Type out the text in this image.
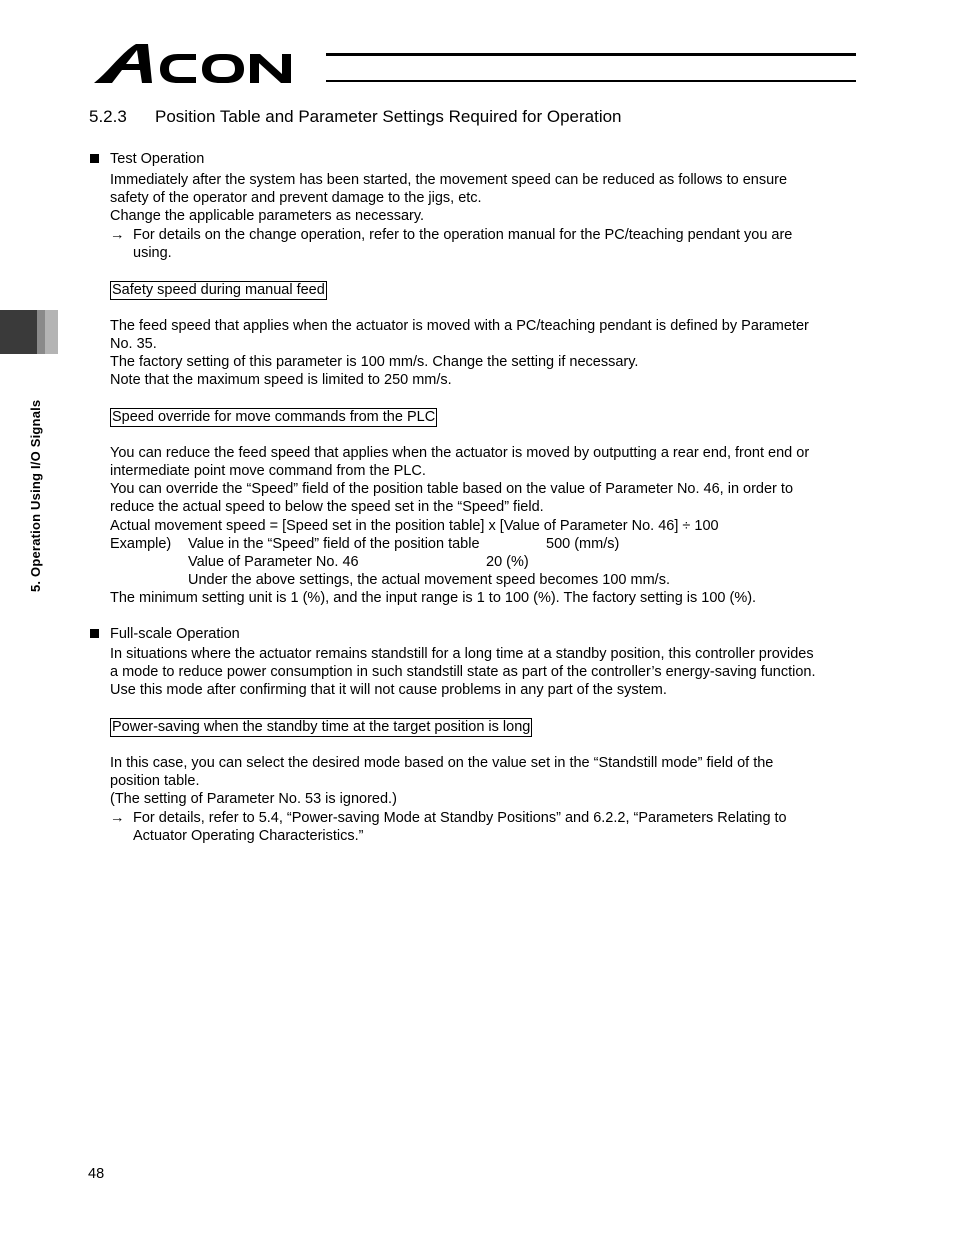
ACON
5.2.3	Position Table and Parameter Settings Required for Operation
5. Operation Using I/O Signals
Test Operation
Immediately after the system has been started, the movement speed can be reduced as follows to ensure
safety of the operator and prevent damage to the jigs, etc.
Change the applicable parameters as necessary.
→ For details on the change operation, refer to the operation manual for the PC/teaching pendant you are
using.
Safety speed during manual feed
The feed speed that applies when the actuator is moved with a PC/teaching pendant is defined by Parameter
No. 35.
The factory setting of this parameter is 100 mm/s. Change the setting if necessary.
Note that the maximum speed is limited to 250 mm/s.
Speed override for move commands from the PLC
You can reduce the feed speed that applies when the actuator is moved by outputting a rear end, front end or
intermediate point move command from the PLC.
You can override the “Speed” field of the position table based on the value of Parameter No. 46, in order to
reduce the actual speed to below the speed set in the “Speed” field.
Actual movement speed = [Speed set in the position table] x [Value of Parameter No. 46] ÷ 100
Example) Value in the “Speed” field of the position table	500 (mm/s)
Value of Parameter No. 46	20 (%)
Under the above settings, the actual movement speed becomes 100 mm/s.
The minimum setting unit is 1 (%), and the input range is 1 to 100 (%). The factory setting is 100 (%).
Full-scale Operation
In situations where the actuator remains standstill for a long time at a standby position, this controller provides
a mode to reduce power consumption in such standstill state as part of the controller’s energy-saving function.
Use this mode after confirming that it will not cause problems in any part of the system.
Power-saving when the standby time at the target position is long
In this case, you can select the desired mode based on the value set in the “Standstill mode” field of the
position table.
(The setting of Parameter No. 53 is ignored.)
→ For details, refer to 5.4, “Power-saving Mode at Standby Positions” and 6.2.2, “Parameters Relating to
Actuator Operating Characteristics.”
48
